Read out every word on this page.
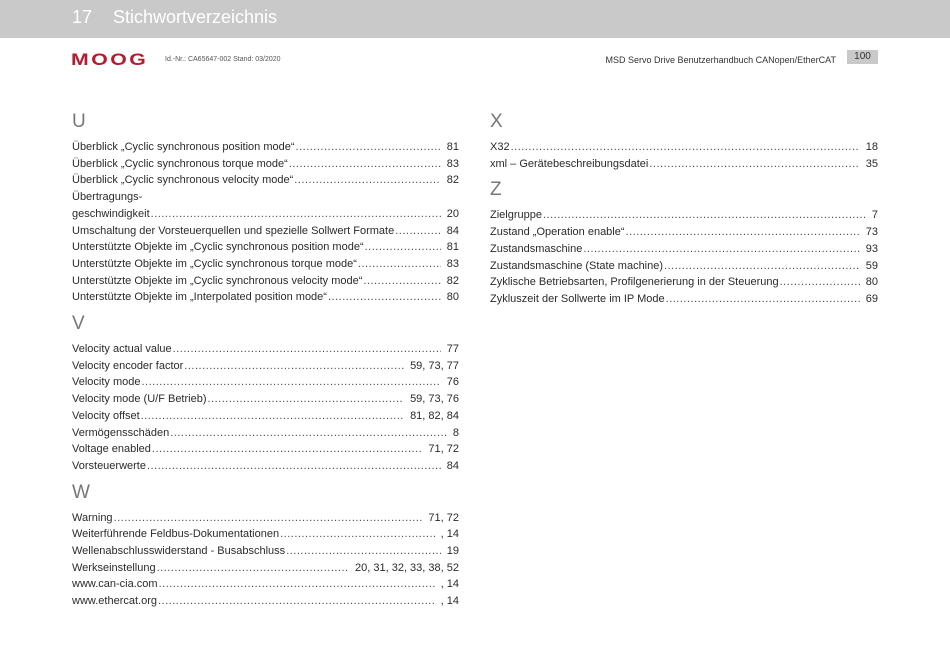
17 Stichwortverzeichnis
MOOG Id.-Nr.: CA65647-002 Stand: 03/2020	MSD Servo Drive Benutzerhandbuch CANopen/EtherCAT	100
U
Überblick „Cyclic synchronous position mode“ .....	81
Überblick „Cyclic synchronous torque mode“ .....	83
Überblick „Cyclic synchronous velocity mode“ .....	82
Übertragungs-
geschwindigkeit .....	20
Umschaltung der Vorsteuerquellen und spezielle Sollwert Formate .....	84
Unterstützte Objekte im „Cyclic synchronous position mode“ .....	81
Unterstützte Objekte im „Cyclic synchronous torque mode“ .....	83
Unterstützte Objekte im „Cyclic synchronous velocity mode“ .....	82
Unterstützte Objekte im „Interpolated position mode“ .....	80
V
Velocity actual value .....	77
Velocity encoder factor .....	59, 73, 77
Velocity mode .....	76
Velocity mode (U/F Betrieb) .....	59, 73, 76
Velocity offset .....	81, 82, 84
Vermögensschäden .....	8
Voltage enabled .....	71, 72
Vorsteuerwerte .....	84
W
Warning .....	71, 72
Weiterführende Feldbus-Dokumentationen .....	, 14
Wellenabschlusswiderstand - Busabschluss .....	19
Werkseinstellung .....	20, 31, 32, 33, 38, 52
www.can-cia.com .....	, 14
www.ethercat.org .....	, 14
X
X32 .....	18
xml – Gerätebeschreibungsdatei .....	35
Z
Zielgruppe .....	7
Zustand „Operation enable“ .....	73
Zustandsmaschine .....	93
Zustandsmaschine (State machine) .....	59
Zyklische Betriebsarten, Profilgenerierung in der Steuerung .....	80
Zykluszeit der Sollwerte im IP Mode .....	69
